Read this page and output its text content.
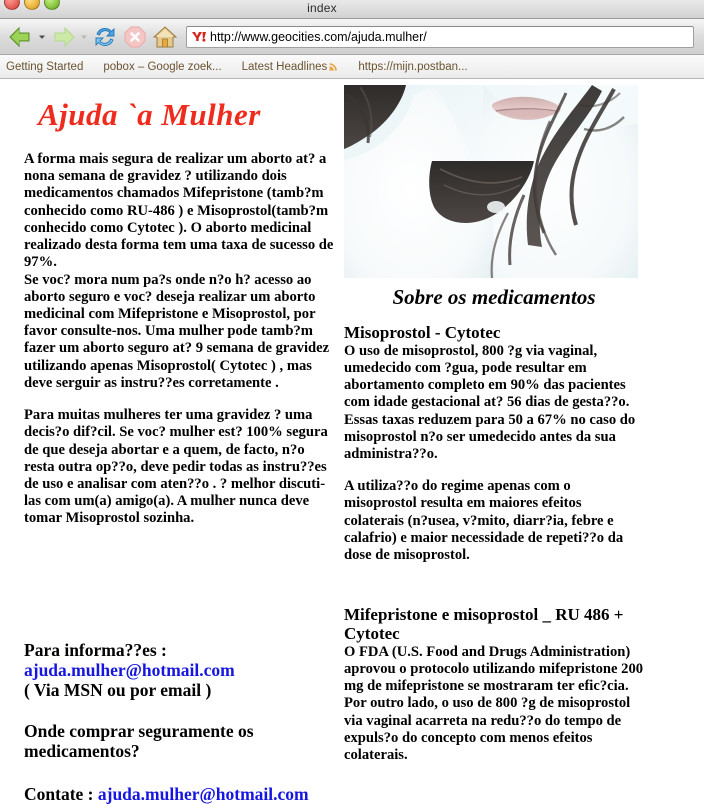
index
http://www.geocities.com/ajuda.mulher/
Getting Started pobox – Google zoek... Latest Headlines	https://mijn.postban...
Ajuda `a Mulher

A forma mais segura de realizar um aborto at? a nona semana de gravidez ? utilizando dois medicamentos chamados Mifepristone (tamb?m conhecido como RU-486 ) e Misoprostol(tamb?m conhecido como Cytotec ). O aborto medicinal realizado desta forma tem uma taxa de sucesso de 97%.

Se voc? mora num pa?s onde n?o h? acesso ao aborto seguro e voc? deseja realizar um aborto medicinal com Mifepristone e Misoprostol, por favor consulte-nos. Uma mulher pode tamb?m fazer um aborto seguro at? 9 semana de gravidez utilizando apenas Misoprostol( Cytotec ) , mas deve serguir as instru??es corretamente .

Para muitas mulheres ter uma gravidez ? uma decis?o dif?cil. Se voc? mulher est? 100% segura de que deseja abortar e a quem, de facto, n?o resta outra op??o, deve pedir todas as instru??es de uso e analisar com aten??o . ? melhor discuti-las com um(a) amigo(a). A mulher nunca deve tomar Misoprostol sozinha.

Para informa??es :
ajuda.mulher@hotmail.com
( Via MSN ou por email )
Onde comprar seguramente os medicamentos?
Contate : ajuda.mulher@hotmail.com
Sobre os medicamentos
Misoprostol - Cytotec

O uso de misoprostol, 800 ?g via vaginal, umedecido com ?gua, pode resultar em abortamento completo em 90% das pacientes com idade gestacional at? 56 dias de gesta??o. Essas taxas reduzem para 50 a 67% no caso do misoprostol n?o ser umedecido antes da sua administra??o.

A utiliza??o do regime apenas com o misoprostol resulta em maiores efeitos colaterais (n?usea, v?mito, diarr?ia, febre e calafrio) e maior necessidade de repeti??o da dose de misoprostol.

Mifepristone e misoprostol _ RU 486 + Cytotec

O FDA (U.S. Food and Drugs Administration) aprovou o protocolo utilizando mifepristone 200 mg de mifepristone se mostraram ter efic?cia.

Por outro lado, o uso de 800 ?g de misoprostol via vaginal acarreta na redu??o do tempo de expuls?o do concepto com menos efeitos colaterais.
